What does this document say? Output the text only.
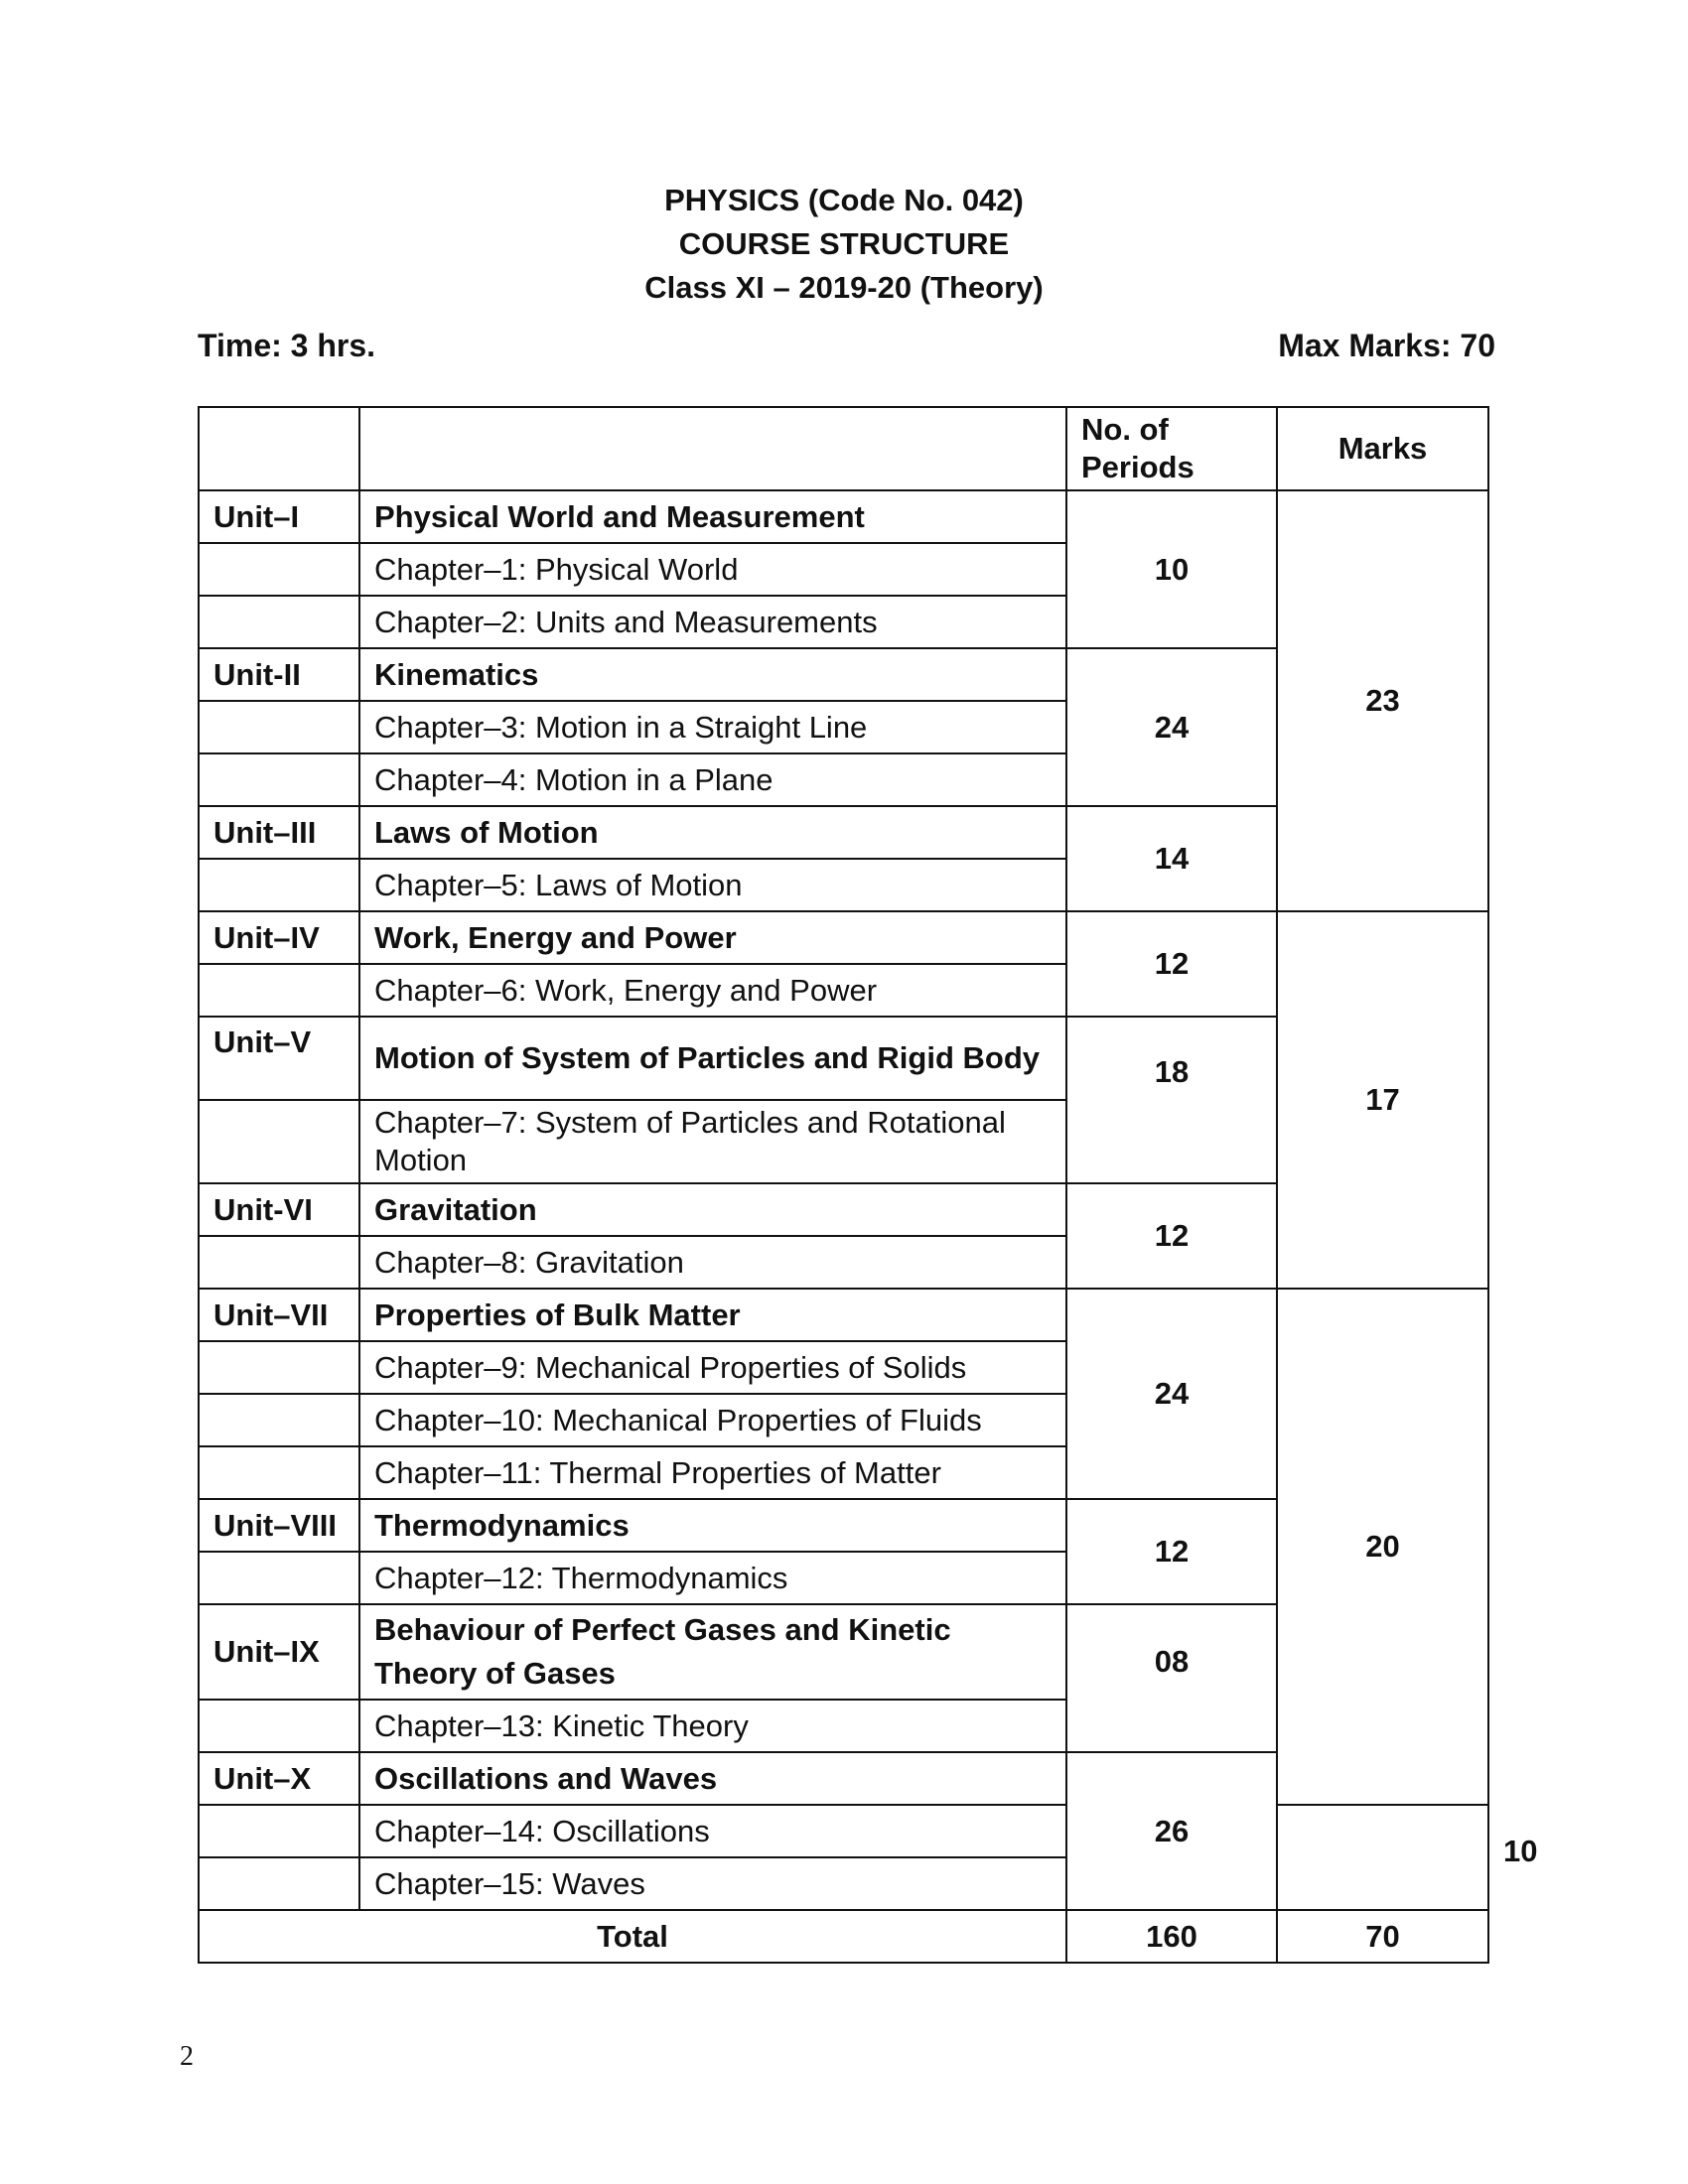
PHYSICS (Code No. 042)
COURSE STRUCTURE
Class XI – 2019-20 (Theory)
Time: 3 hrs.	Max Marks: 70
		No. of Periods	Marks	
Unit–I	Physical World and Measurement	10	23	
	Chapter–1: Physical World			
	Chapter–2: Units and Measurements			
Unit-II	Kinematics	24		
	Chapter–3: Motion in a Straight Line			
	Chapter–4: Motion in a Plane			
Unit–III	Laws of Motion	14		
	Chapter–5: Laws of Motion			
Unit–IV	Work, Energy and Power	12	17	
	Chapter–6: Work, Energy and Power			
Unit–V	Motion of System of Particles and Rigid Body	18		
	Chapter–7: System of Particles and Rotational Motion			
Unit-VI	Gravitation	12		
	Chapter–8: Gravitation			
Unit–VII	Properties of Bulk Matter	24	20	
	Chapter–9: Mechanical Properties of Solids			
	Chapter–10: Mechanical Properties of Fluids			
	Chapter–11: Thermal Properties of Matter			
Unit–VIII	Thermodynamics	12		
	Chapter–12: Thermodynamics			
Unit–IX	Behaviour of Perfect Gases and Kinetic Theory of Gases	08		
	Chapter–13: Kinetic Theory			
Unit–X	Oscillations and Waves	26		10
	Chapter–14: Oscillations			
	Chapter–15: Waves			
Total		160	70	
2
